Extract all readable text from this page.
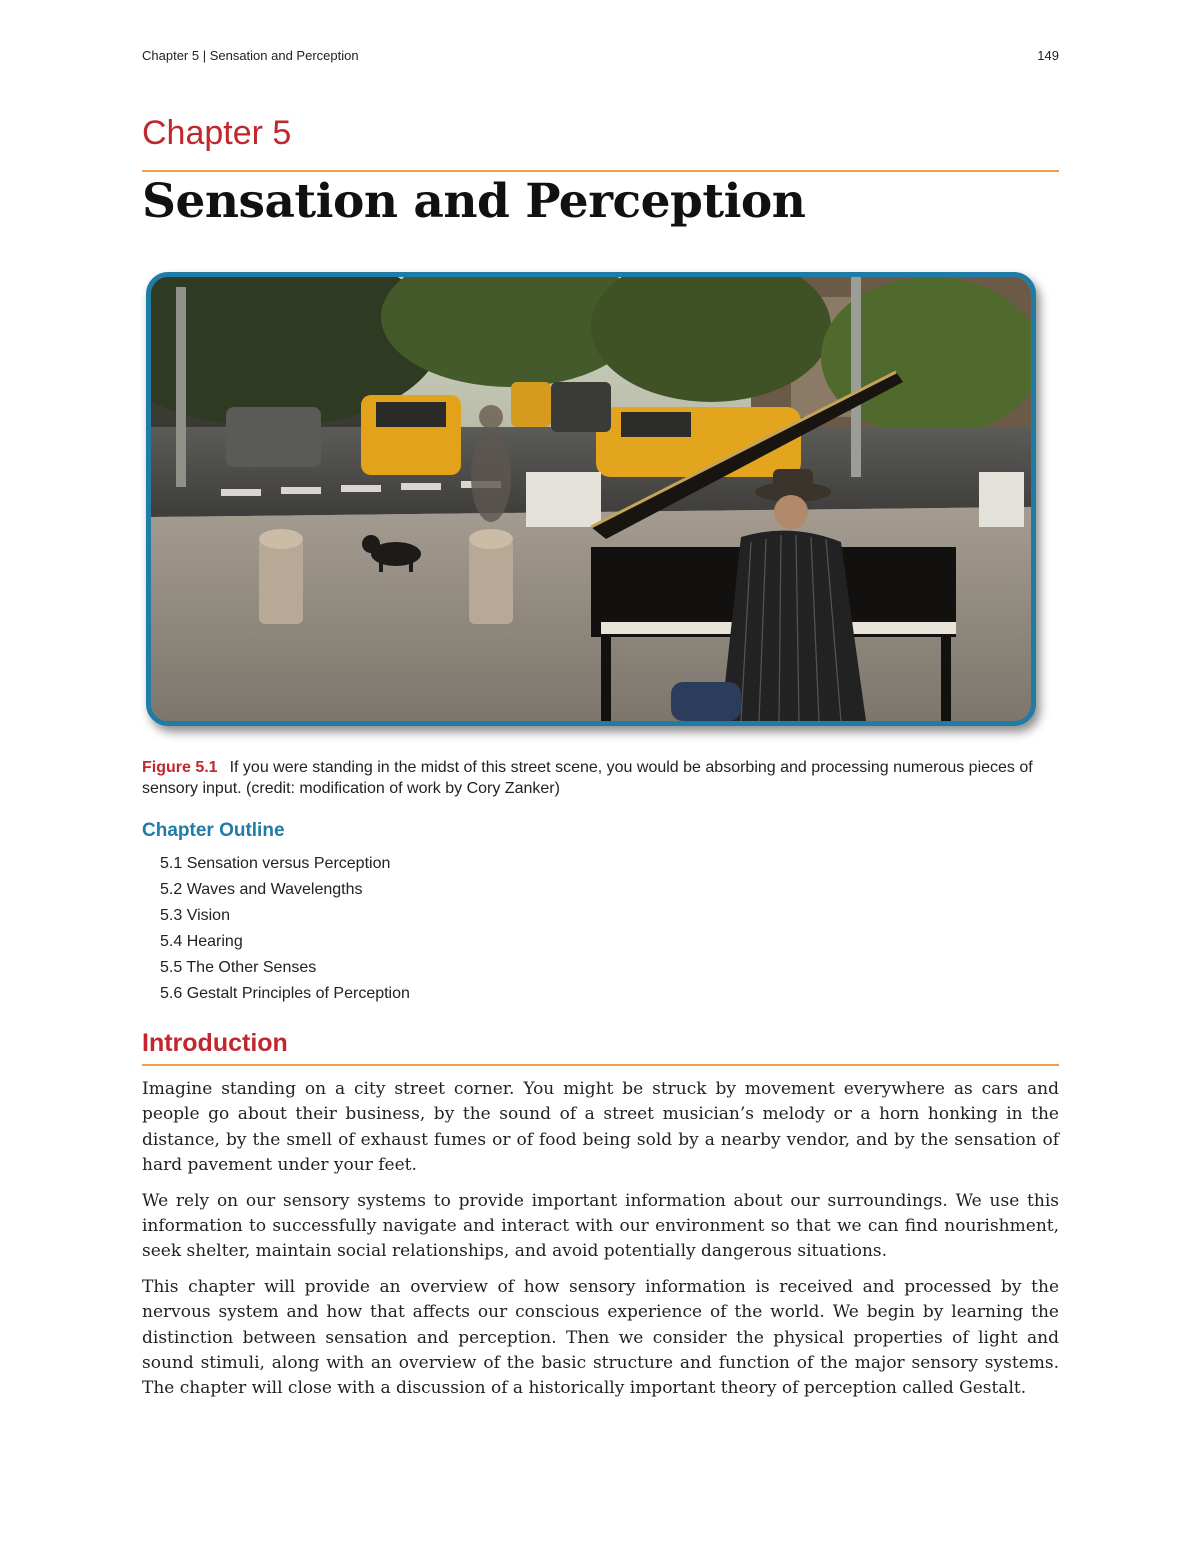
Chapter 5 | Sensation and Perception	149
Chapter 5
Sensation and Perception
Figure 5.1 If you were standing in the midst of this street scene, you would be absorbing and processing numerous pieces of sensory input. (credit: modification of work by Cory Zanker)
Chapter Outline
5.1 Sensation versus Perception
5.2 Waves and Wavelengths
5.3 Vision
5.4 Hearing
5.5 The Other Senses
5.6 Gestalt Principles of Perception
Introduction

Imagine standing on a city street corner. You might be struck by movement everywhere as cars and people go about their business, by the sound of a street musician’s melody or a horn honking in the distance, by the smell of exhaust fumes or of food being sold by a nearby vendor, and by the sensation of hard pavement under your feet.

We rely on our sensory systems to provide important information about our surroundings. We use this information to successfully navigate and interact with our environment so that we can find nourishment, seek shelter, maintain social relationships, and avoid potentially dangerous situations.

This chapter will provide an overview of how sensory information is received and processed by the nervous system and how that affects our conscious experience of the world. We begin by learning the distinction between sensation and perception. Then we consider the physical properties of light and sound stimuli, along with an overview of the basic structure and function of the major sensory systems. The chapter will close with a discussion of a historically important theory of perception called Gestalt.
